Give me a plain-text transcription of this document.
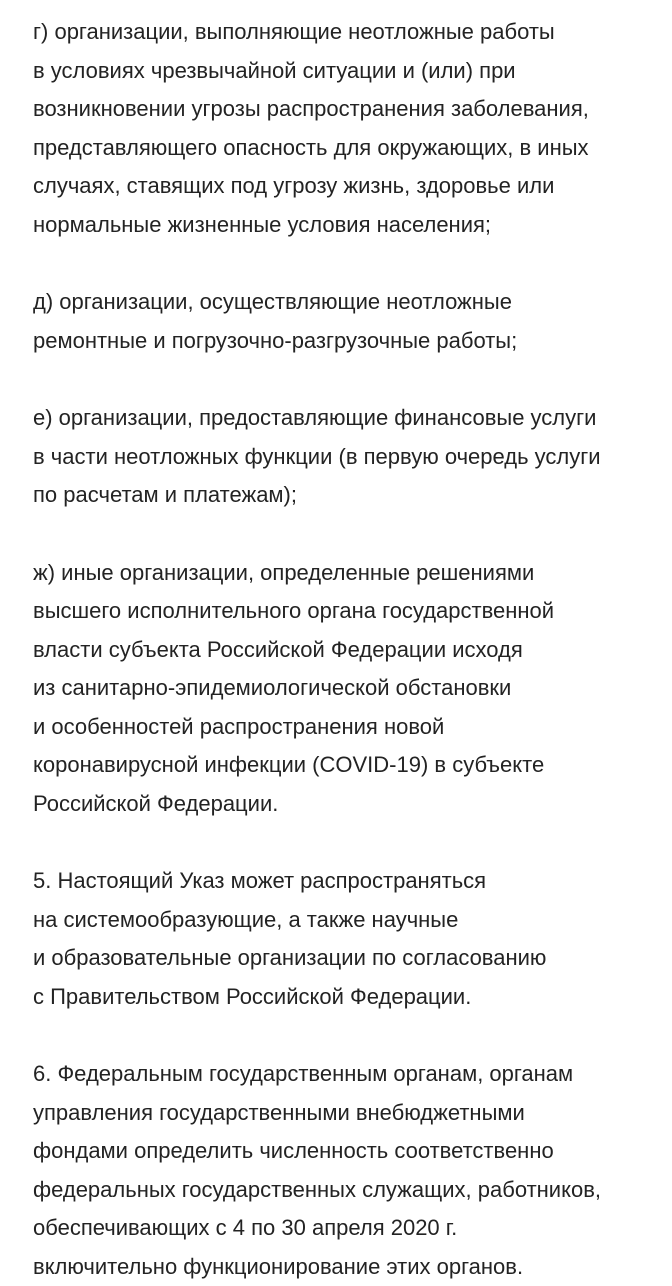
г) организации, выполняющие неотложные работы
в условиях чрезвычайной ситуации и (или) при
возникновении угрозы распространения заболевания,
представляющего опасность для окружающих, в иных
случаях, ставящих под угрозу жизнь, здоровье или
нормальные жизненные условия населения;

д) организации, осуществляющие неотложные
ремонтные и погрузочно-разгрузочные работы;

е) организации, предоставляющие финансовые услуги
в части неотложных функции (в первую очередь услуги
по расчетам и платежам);

ж) иные организации, определенные решениями
высшего исполнительного органа государственной
власти субъекта Российской Федерации исходя
из санитарно-эпидемиологической обстановки
и особенностей распространения новой
коронавирусной инфекции (COVID-19) в субъекте
Российской Федерации.

5. Настоящий Указ может распространяться
на системообразующие, а также научные
и образовательные организации по согласованию
с Правительством Российской Федерации.

6. Федеральным государственным органам, органам
управления государственными внебюджетными
фондами определить численность соответственно
федеральных государственных служащих, работников,
обеспечивающих с 4 по 30 апреля 2020 г.
включительно функционирование этих органов.
